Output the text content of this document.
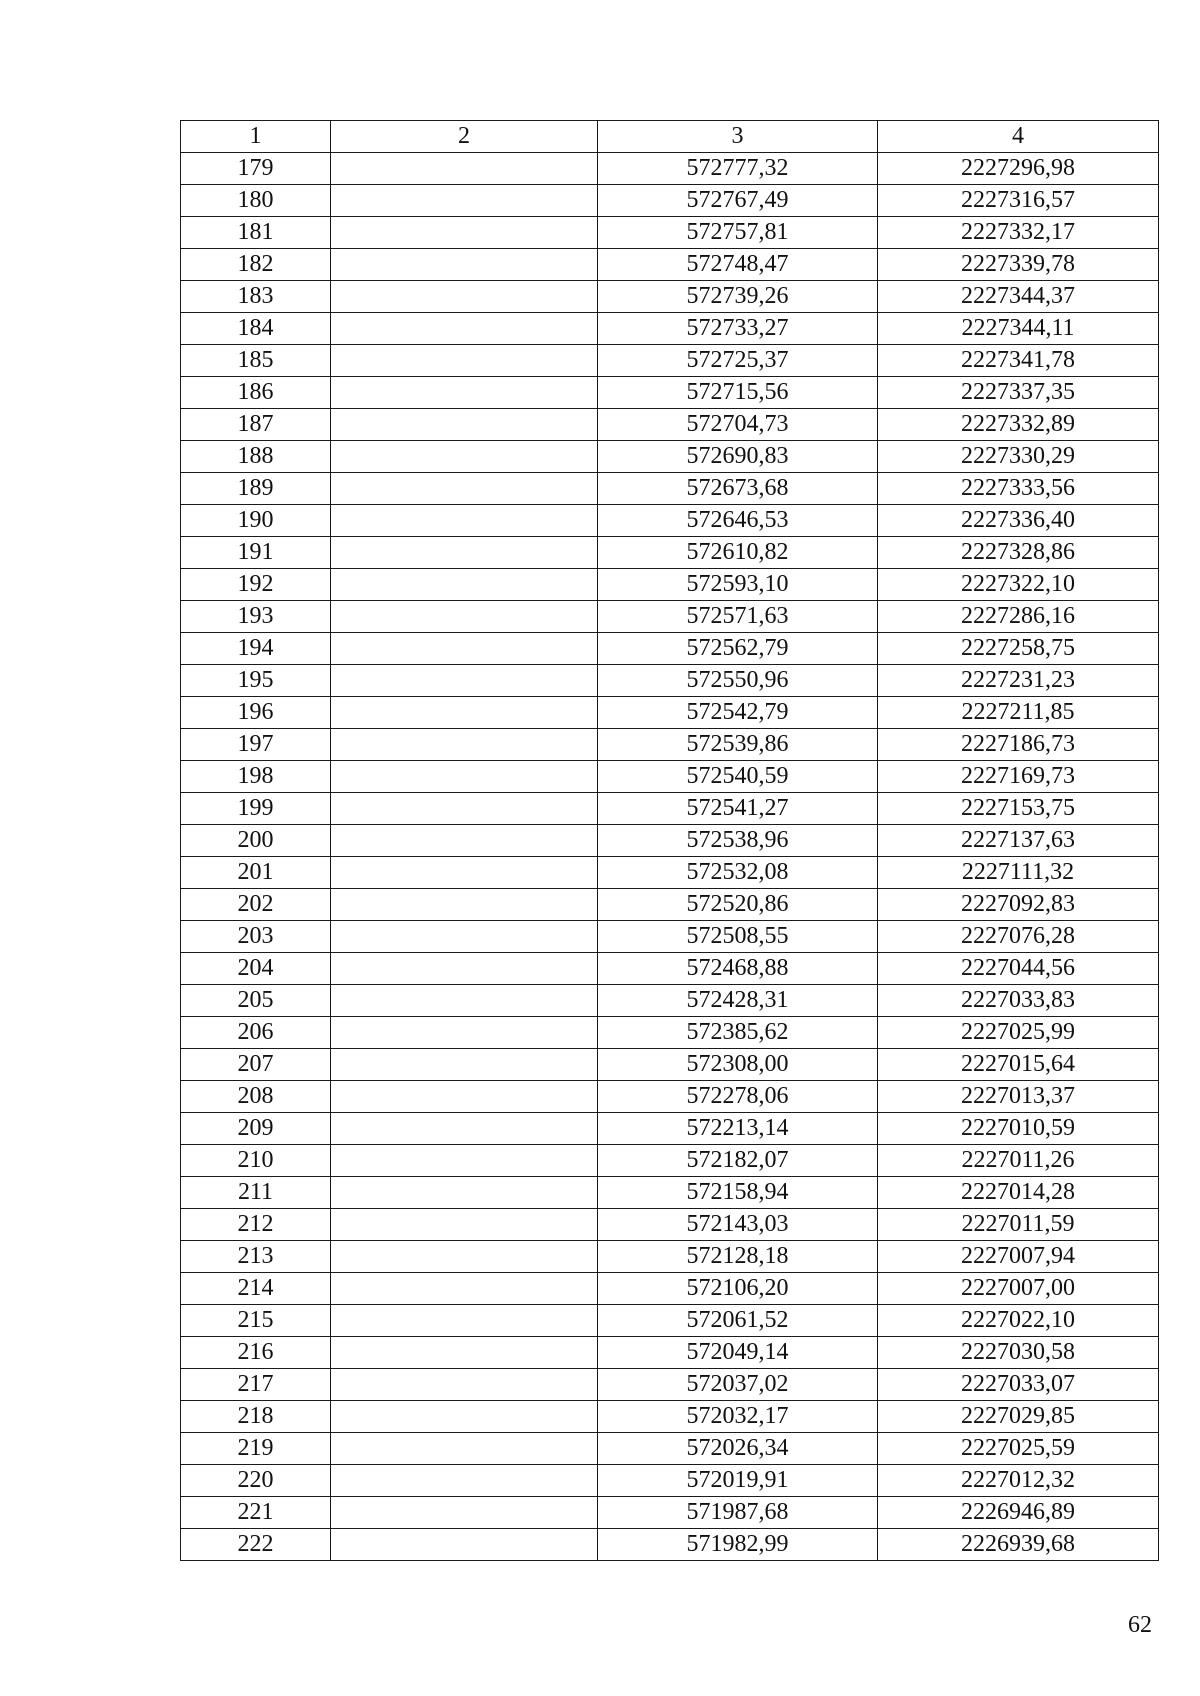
1	2	3	4
179		572777,32	2227296,98
180		572767,49	2227316,57
181		572757,81	2227332,17
182		572748,47	2227339,78
183		572739,26	2227344,37
184		572733,27	2227344,11
185		572725,37	2227341,78
186		572715,56	2227337,35
187		572704,73	2227332,89
188		572690,83	2227330,29
189		572673,68	2227333,56
190		572646,53	2227336,40
191		572610,82	2227328,86
192		572593,10	2227322,10
193		572571,63	2227286,16
194		572562,79	2227258,75
195		572550,96	2227231,23
196		572542,79	2227211,85
197		572539,86	2227186,73
198		572540,59	2227169,73
199		572541,27	2227153,75
200		572538,96	2227137,63
201		572532,08	2227111,32
202		572520,86	2227092,83
203		572508,55	2227076,28
204		572468,88	2227044,56
205		572428,31	2227033,83
206		572385,62	2227025,99
207		572308,00	2227015,64
208		572278,06	2227013,37
209		572213,14	2227010,59
210		572182,07	2227011,26
211		572158,94	2227014,28
212		572143,03	2227011,59
213		572128,18	2227007,94
214		572106,20	2227007,00
215		572061,52	2227022,10
216		572049,14	2227030,58
217		572037,02	2227033,07
218		572032,17	2227029,85
219		572026,34	2227025,59
220		572019,91	2227012,32
221		571987,68	2226946,89
222		571982,99	2226939,68
62
